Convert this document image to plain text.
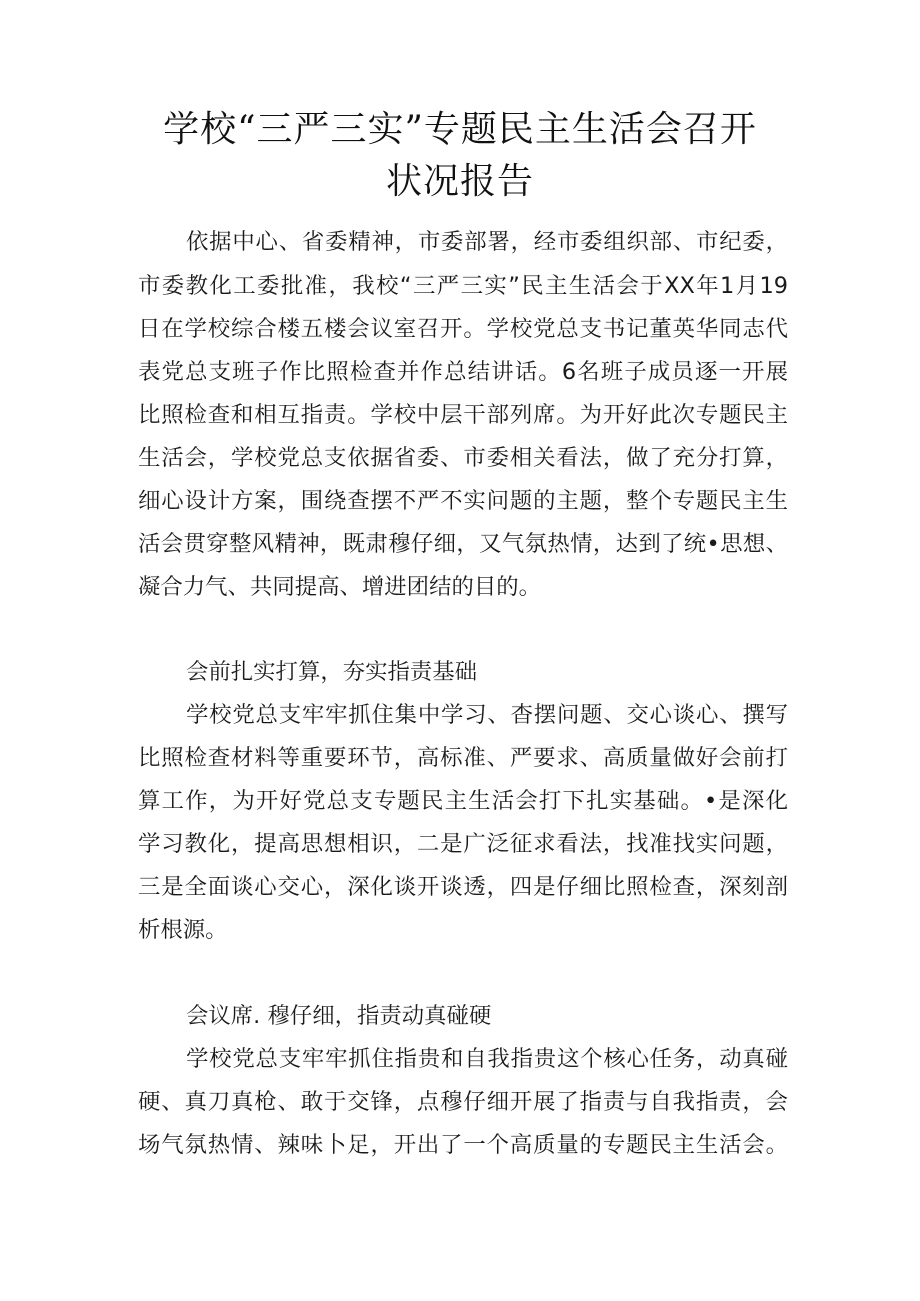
学校“三严三实”专题民主生活会召开
状况报告
依据中心、省委精神，市委部署，经市委组织部、市纪委，
市委教化工委批准，我校“三严三实”民主生活会于XX年1月19
日在学校综合楼五楼会议室召开。学校党总支书记董英华同志代
表党总支班子作比照检查并作总结讲话。6名班子成员逐一开展
比照检查和相互指责。学校中层干部列席。为开好此次专题民主
生活会，学校党总支依据省委、市委相关看法，做了充分打算，
细心设计方案，围绕查摆不严不实问题的主题，整个专题民主生
活会贯穿整风精神，既肃穆仔细，又气氛热情，达到了统•思想、
凝合力气、共同提高、增进团结的目的。
会前扎实打算，夯实指责基础
学校党总支牢牢抓住集中学习、杳摆问题、交心谈心、撰写
比照检查材料等重要环节，高标准、严要求、高质量做好会前打
算工作，为开好党总支专题民主生活会打下扎实基础。•是深化
学习教化，提高思想相识，二是广泛征求看法，找准找实问题，
三是全面谈心交心，深化谈开谈透，四是仔细比照检查，深刻剖
析根源。
会议席. 穆仔细，指责动真碰硬
学校党总支牢牢抓住指贵和自我指贵这个核心任务，动真碰
硬、真刀真枪、敢于交锋，点穆仔细开展了指责与自我指责，会
场气氛热情、辣味卜足，开出了一个高质量的专题民主生活会。
